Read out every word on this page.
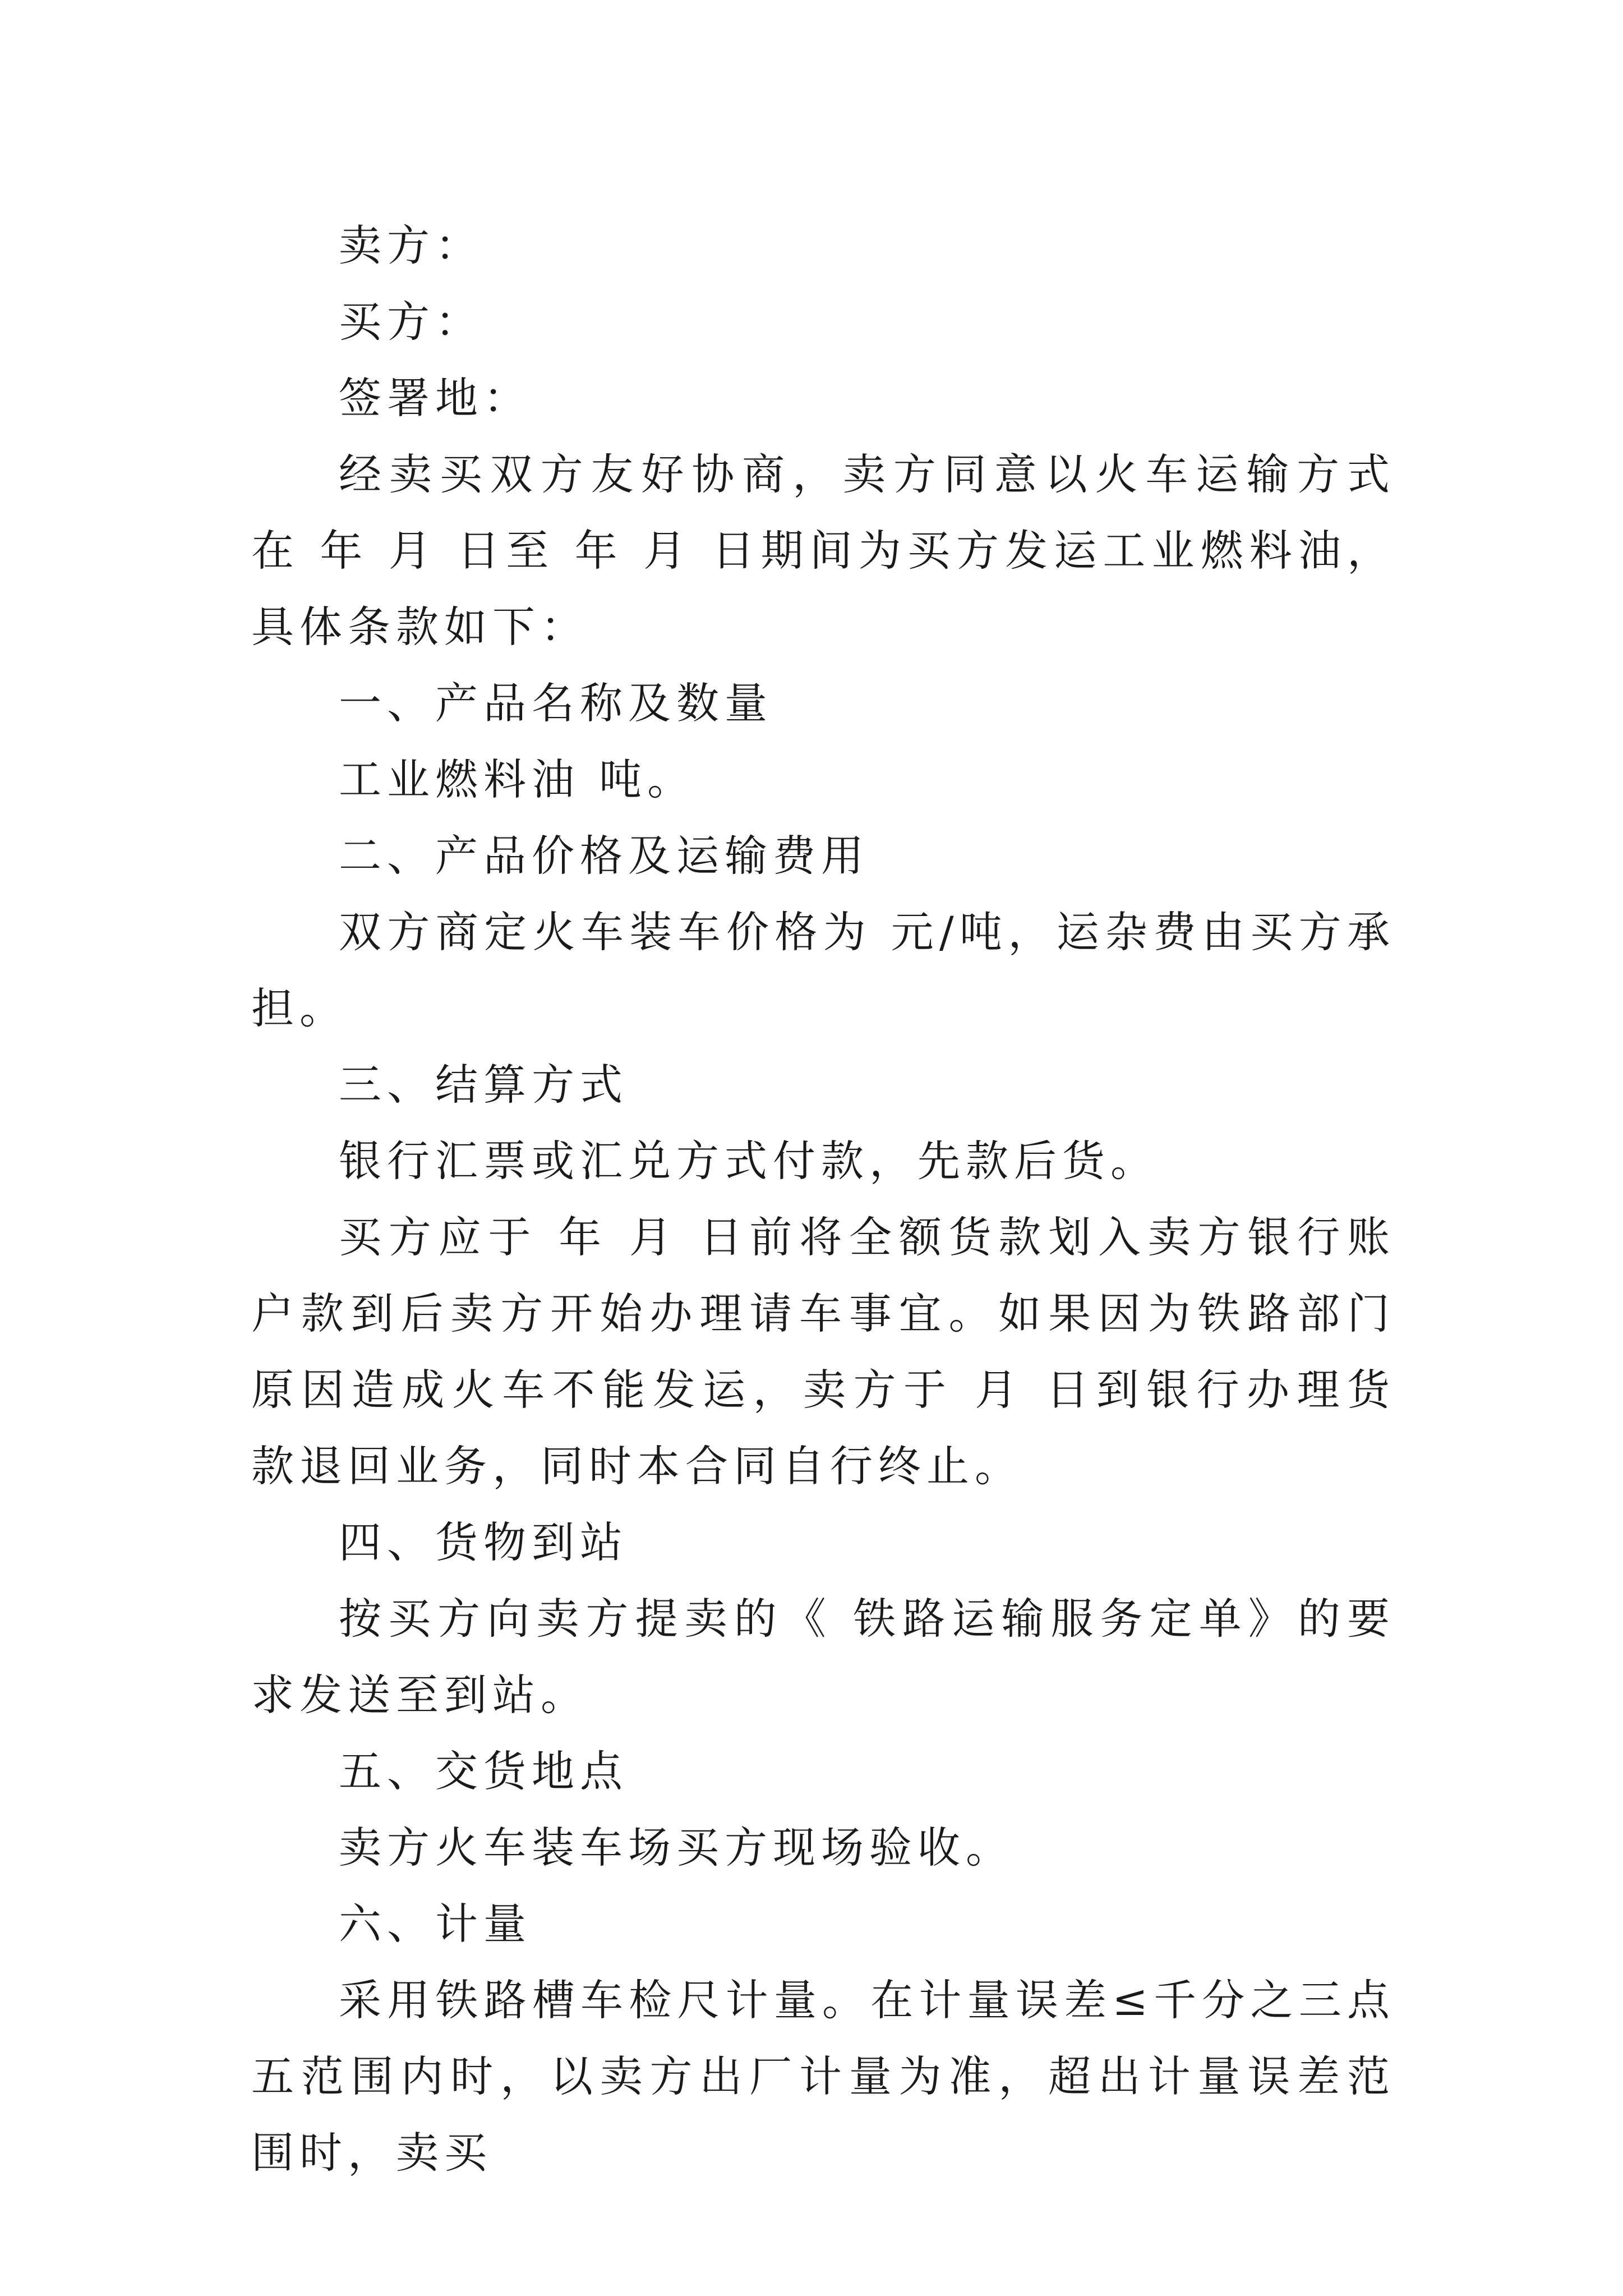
卖方：

买方：

签署地：

经卖买双方友好协商，卖方同意以火车运输方式在 年 月 日至 年 月 日期间为买方发运工业燃料油，具体条款如下：

一、产品名称及数量

工业燃料油 吨。

二、产品价格及运输费用

双方商定火车装车价格为 元/吨，运杂费由买方承担。

三、结算方式

银行汇票或汇兑方式付款，先款后货。

买方应于 年 月 日前将全额货款划入卖方银行账户款到后卖方开始办理请车事宜。如果因为铁路部门原因造成火车不能发运，卖方于 月 日到银行办理货款退回业务，同时本合同自行终止。

四、货物到站

按买方向卖方提卖的《 铁路运输服务定单》的要求发送至到站。

五、交货地点

卖方火车装车场买方现场验收。

六、计量

采用铁路槽车检尺计量。在计量误差≤千分之三点五范围内时，以卖方出厂计量为准，超出计量误差范围时，卖买
